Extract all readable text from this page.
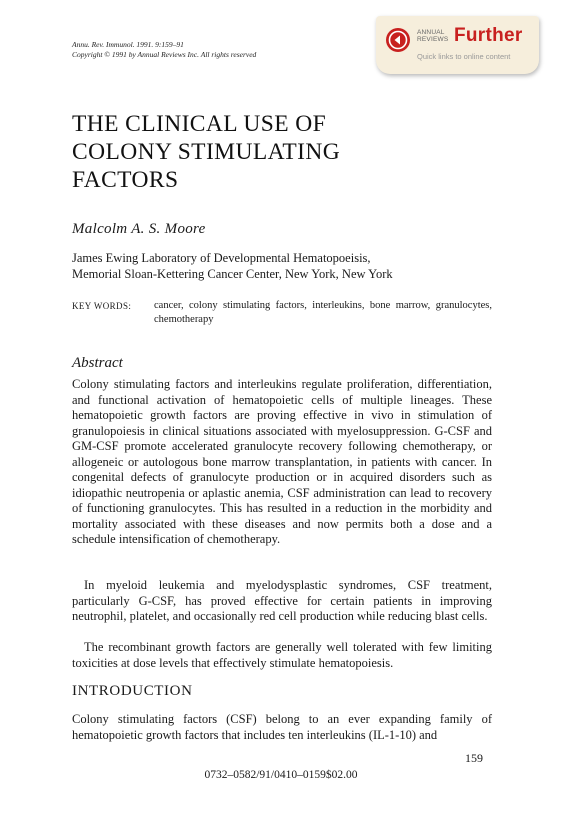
Annu. Rev. Immunol. 1991. 9:159–91
Copyright © 1991 by Annual Reviews Inc. All rights reserved
ANNUAL
REVIEWS Further
Quick links to online content
THE CLINICAL USE OF
COLONY STIMULATING
FACTORS
Malcolm A. S. Moore
James Ewing Laboratory of Developmental Hematopoeisis,
Memorial Sloan-Kettering Cancer Center, New York, New York
KEY WORDS: cancer, colony stimulating factors, interleukins, bone marrow, granulocytes, chemotherapy
Abstract

Colony stimulating factors and interleukins regulate proliferation, differentiation, and functional activation of hematopoietic cells of multiple lineages. These hematopoietic growth factors are proving effective in vivo in stimulation of granulopoiesis in clinical situations associated with myelosuppression. G-CSF and GM-CSF promote accelerated granulocyte recovery following chemotherapy, or allogeneic or autologous bone marrow transplantation, in patients with cancer. In congenital defects of granulocyte production or in acquired disorders such as idiopathic neutropenia or aplastic anemia, CSF administration can lead to recovery of functioning granulocytes. This has resulted in a reduction in the morbidity and mortality associated with these diseases and now permits both a dose and a schedule intensification of chemotherapy.

In myeloid leukemia and myelodysplastic syndromes, CSF treatment, particularly G-CSF, has proved effective for certain patients in improving neutrophil, platelet, and occasionally red cell production while reducing blast cells.

The recombinant growth factors are generally well tolerated with few limiting toxicities at dose levels that effectively stimulate hematopoiesis.

INTRODUCTION

Colony stimulating factors (CSF) belong to an ever expanding family of hematopoietic growth factors that includes ten interleukins (IL-1-10) and

159
0732–0582/91/0410–0159$02.00
